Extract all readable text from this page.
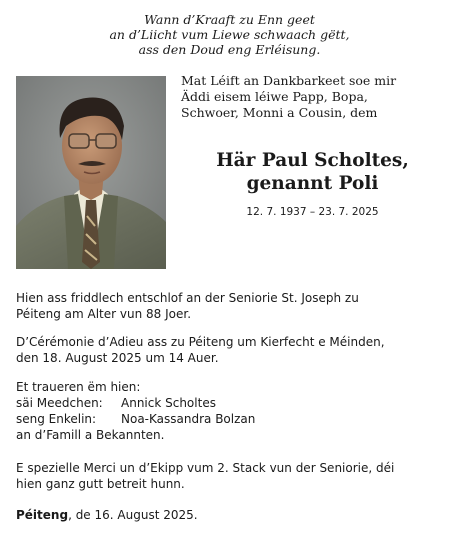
Wann d’Kraaft zu Enn geet
an d’Liicht vum Liewe schwaach gëtt,
ass den Doud eng Erléisung.
Mat Léift an Dankbarkeet soe mir
Äddi eisem léiwe Papp, Bopa,
Schwoer, Monni a Cousin, dem
Här Paul Scholtes,
genannt Poli
12. 7. 1937 – 23. 7. 2025
Hien ass friddlech entschlof an der Seniorie St. Joseph zu
Péiteng am Alter vun 88 Joer.
D’Cérémonie d’Adieu ass zu Péiteng um Kierfecht e Méinden,
den 18. August 2025 um 14 Auer.
Et traueren ëm hien:
säi Meedchen:	Annick Scholtes
seng Enkelin:	Noa-Kassandra Bolzan
an d’Famill a Bekannten.
E spezielle Merci un d’Ekipp vum 2. Stack vun der Seniorie, déi
hien ganz gutt betreit hunn.
Péiteng, de 16. August 2025.
